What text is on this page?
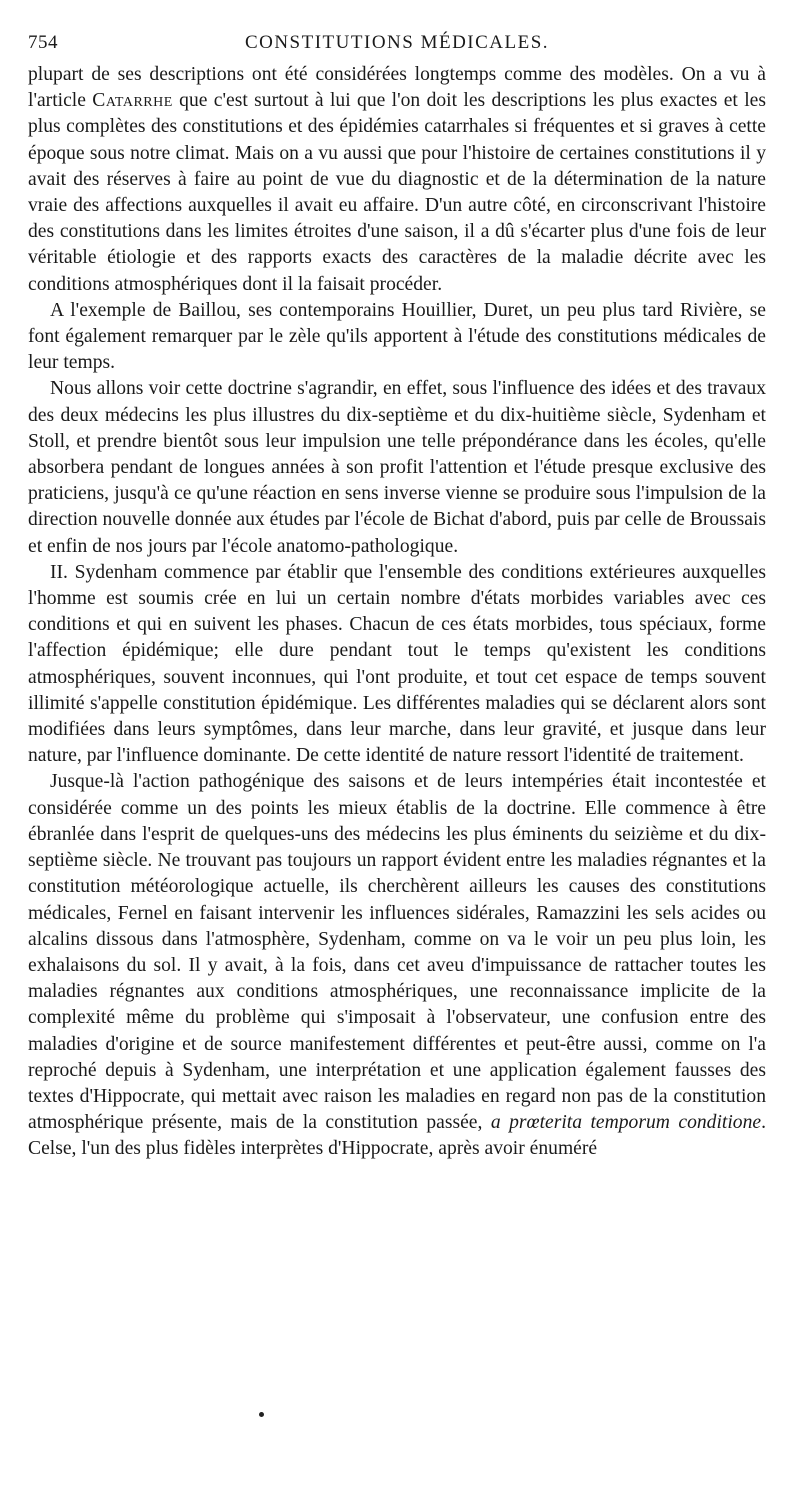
754	CONSTITUTIONS MÉDICALES.

plupart de ses descriptions ont été considérées longtemps comme des modèles. On a vu à l'article Catarrhe que c'est surtout à lui que l'on doit les descriptions les plus exactes et les plus complètes des constitutions et des épidémies catarrhales si fréquentes et si graves à cette époque sous notre climat. Mais on a vu aussi que pour l'histoire de certaines constitutions il y avait des réserves à faire au point de vue du diagnostic et de la détermination de la nature vraie des affections auxquelles il avait eu affaire. D'un autre côté, en circonscrivant l'histoire des constitutions dans les limites étroites d'une saison, il a dû s'écarter plus d'une fois de leur véritable étiologie et des rapports exacts des caractères de la maladie décrite avec les conditions atmosphériques dont il la faisait procéder.

A l'exemple de Baillou, ses contemporains Houillier, Duret, un peu plus tard Rivière, se font également remarquer par le zèle qu'ils apportent à l'étude des constitutions médicales de leur temps.

Nous allons voir cette doctrine s'agrandir, en effet, sous l'influence des idées et des travaux des deux médecins les plus illustres du dix-septième et du dix-huitième siècle, Sydenham et Stoll, et prendre bientôt sous leur impulsion une telle prépondérance dans les écoles, qu'elle absorbera pendant de longues années à son profit l'attention et l'étude presque exclusive des praticiens, jusqu'à ce qu'une réaction en sens inverse vienne se produire sous l'impulsion de la direction nouvelle donnée aux études par l'école de Bichat d'abord, puis par celle de Broussais et enfin de nos jours par l'école anatomo-pathologique.

II. Sydenham commence par établir que l'ensemble des conditions extérieures auxquelles l'homme est soumis crée en lui un certain nombre d'états morbides variables avec ces conditions et qui en suivent les phases. Chacun de ces états morbides, tous spéciaux, forme l'affection épidémique; elle dure pendant tout le temps qu'existent les conditions atmosphériques, souvent inconnues, qui l'ont produite, et tout cet espace de temps souvent illimité s'appelle constitution épidémique. Les différentes maladies qui se déclarent alors sont modifiées dans leurs symptômes, dans leur marche, dans leur gravité, et jusque dans leur nature, par l'influence dominante. De cette identité de nature ressort l'identité de traitement.

Jusque-là l'action pathogénique des saisons et de leurs intempéries était incontestée et considérée comme un des points les mieux établis de la doctrine. Elle commence à être ébranlée dans l'esprit de quelques-uns des médecins les plus éminents du seizième et du dix-septième siècle. Ne trouvant pas toujours un rapport évident entre les maladies régnantes et la constitution météorologique actuelle, ils cherchèrent ailleurs les causes des constitutions médicales, Fernel en faisant intervenir les influences sidérales, Ramazzini les sels acides ou alcalins dissous dans l'atmosphère, Sydenham, comme on va le voir un peu plus loin, les exhalaisons du sol. Il y avait, à la fois, dans cet aveu d'impuissance de rattacher toutes les maladies régnantes aux conditions atmosphériques, une reconnaissance implicite de la complexité même du problème qui s'imposait à l'observateur, une confusion entre des maladies d'origine et de source manifestement différentes et peut-être aussi, comme on l'a reproché depuis à Sydenham, une interprétation et une application également fausses des textes d'Hippocrate, qui mettait avec raison les maladies en regard non pas de la constitution atmosphérique présente, mais de la constitution passée, a prœterita temporum conditione. Celse, l'un des plus fidèles interprètes d'Hippocrate, après avoir énuméré
